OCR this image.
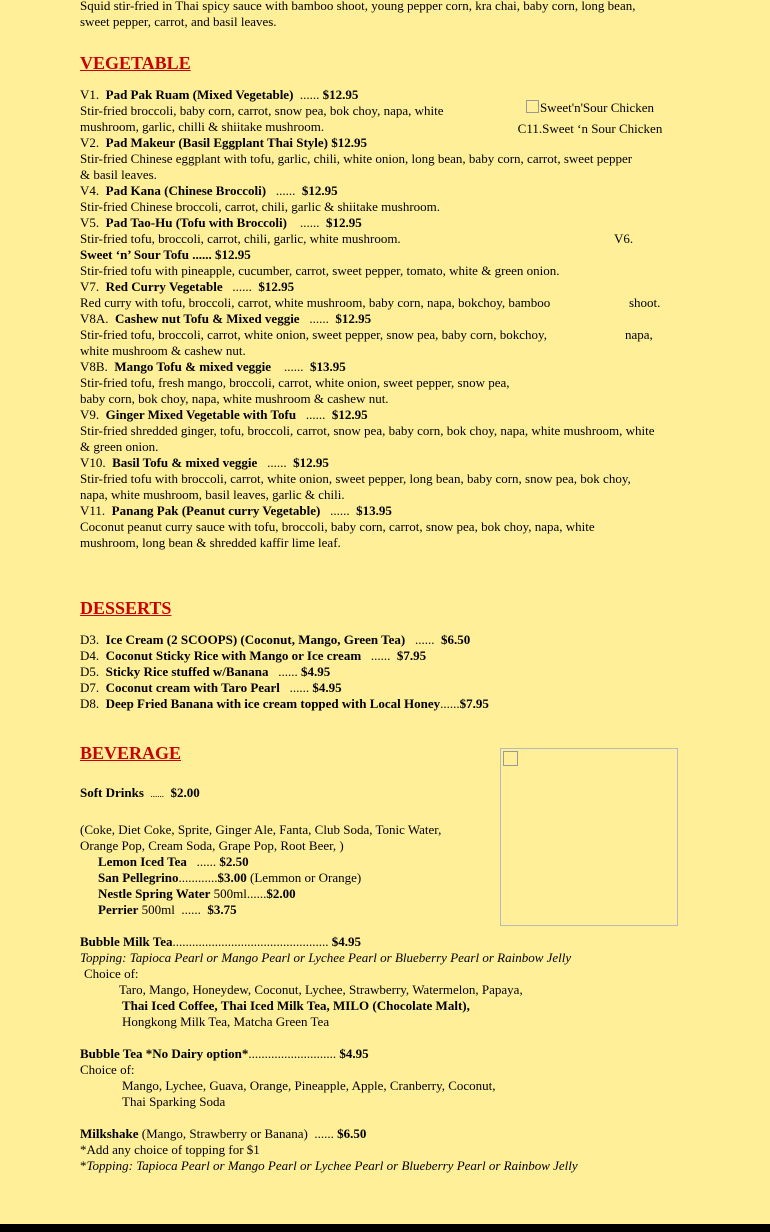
Squid stir-fried in Thai spicy sauce with bamboo shoot, young pepper corn, kra chai, baby corn, long bean, sweet pepper, carrot, and basil leaves.
VEGETABLE
Sweet'n'Sour Chicken
C11.Sweet ‘n Sour Chicken
V1. Pad Pak Ruam (Mixed Vegetable) ...... $12.95
Stir-fried broccoli, baby corn, carrot, snow pea, bok choy, napa, white mushroom, garlic, chilli & shiitake mushroom.
V2. Pad Makeur (Basil Eggplant Thai Style) $12.95
Stir-fried Chinese eggplant with tofu, garlic, chili, white onion, long bean, baby corn, carrot, sweet pepper & basil leaves.
V4. Pad Kana (Chinese Broccoli) ...... $12.95
Stir-fried Chinese broccoli, carrot, chili, garlic & shiitake mushroom.
V5. Pad Tao-Hu (Tofu with Broccoli) ...... $12.95
Stir-fried tofu, broccoli, carrot, chili, garlic, white mushroom.	V6.
Sweet ‘n’ Sour Tofu ...... $12.95
Stir-fried tofu with pineapple, cucumber, carrot, sweet pepper, tomato, white & green onion.
V7. Red Curry Vegetable ...... $12.95
Red curry with tofu, broccoli, carrot, white mushroom, baby corn, napa, bokchoy, bamboo	shoot.
V8A. Cashew nut Tofu & Mixed veggie ...... $12.95
Stir-fried tofu, broccoli, carrot, white onion, sweet pepper, snow pea, baby corn, bokchoy,	napa,
white mushroom & cashew nut.
V8B. Mango Tofu & mixed veggie ...... $13.95
Stir-fried tofu, fresh mango, broccoli, carrot, white onion, sweet pepper, snow pea,
baby corn, bok choy, napa, white mushroom & cashew nut.
V9. Ginger Mixed Vegetable with Tofu ...... $12.95
Stir-fried shredded ginger, tofu, broccoli, carrot, snow pea, baby corn, bok choy, napa, white mushroom, white & green onion.
V10. Basil Tofu & mixed veggie ...... $12.95
Stir-fried tofu with broccoli, carrot, white onion, sweet pepper, long bean, baby corn, snow pea, bok choy, napa, white mushroom, basil leaves, garlic & chili.
V11. Panang Pak (Peanut curry Vegetable) ...... $13.95
Coconut peanut curry sauce with tofu, broccoli, baby corn, carrot, snow pea, bok choy, napa, white mushroom, long bean & shredded kaffir lime leaf.
DESSERTS
D3. Ice Cream (2 SCOOPS) (Coconut, Mango, Green Tea) ...... $6.50
D4. Coconut Sticky Rice with Mango or Ice cream ...... $7.95
D5. Sticky Rice stuffed w/Banana ...... $4.95
D7. Coconut cream with Taro Pearl ...... $4.95
D8. Deep Fried Banana with ice cream topped with Local Honey......$7.95
BEVERAGE
Soft Drinks ...... $2.00
(Coke, Diet Coke, Sprite, Ginger Ale, Fanta, Club Soda, Tonic Water,
Orange Pop, Cream Soda, Grape Pop, Root Beer, )
Lemon Iced Tea ...... $2.50
San Pellegrino............$3.00 (Lemmon or Orange)
Nestle Spring Water 500ml......$2.00
Perrier 500ml ...... $3.75
Bubble Milk Tea................................................ $4.95
Topping: Tapioca Pearl or Mango Pearl or Lychee Pearl or Blueberry Pearl or Rainbow Jelly
Choice of:
Taro, Mango, Honeydew, Coconut, Lychee, Strawberry, Watermelon, Papaya,
Thai Iced Coffee, Thai Iced Milk Tea, MILO (Chocolate Malt),
Hongkong Milk Tea, Matcha Green Tea
Bubble Tea *No Dairy option*........................... $4.95
Choice of:
Mango, Lychee, Guava, Orange, Pineapple, Apple, Cranberry, Coconut,
Thai Sparking Soda
Milkshake (Mango, Strawberry or Banana) ...... $6.50
*Add any choice of topping for $1
*Topping: Tapioca Pearl or Mango Pearl or Lychee Pearl or Blueberry Pearl or Rainbow Jelly
